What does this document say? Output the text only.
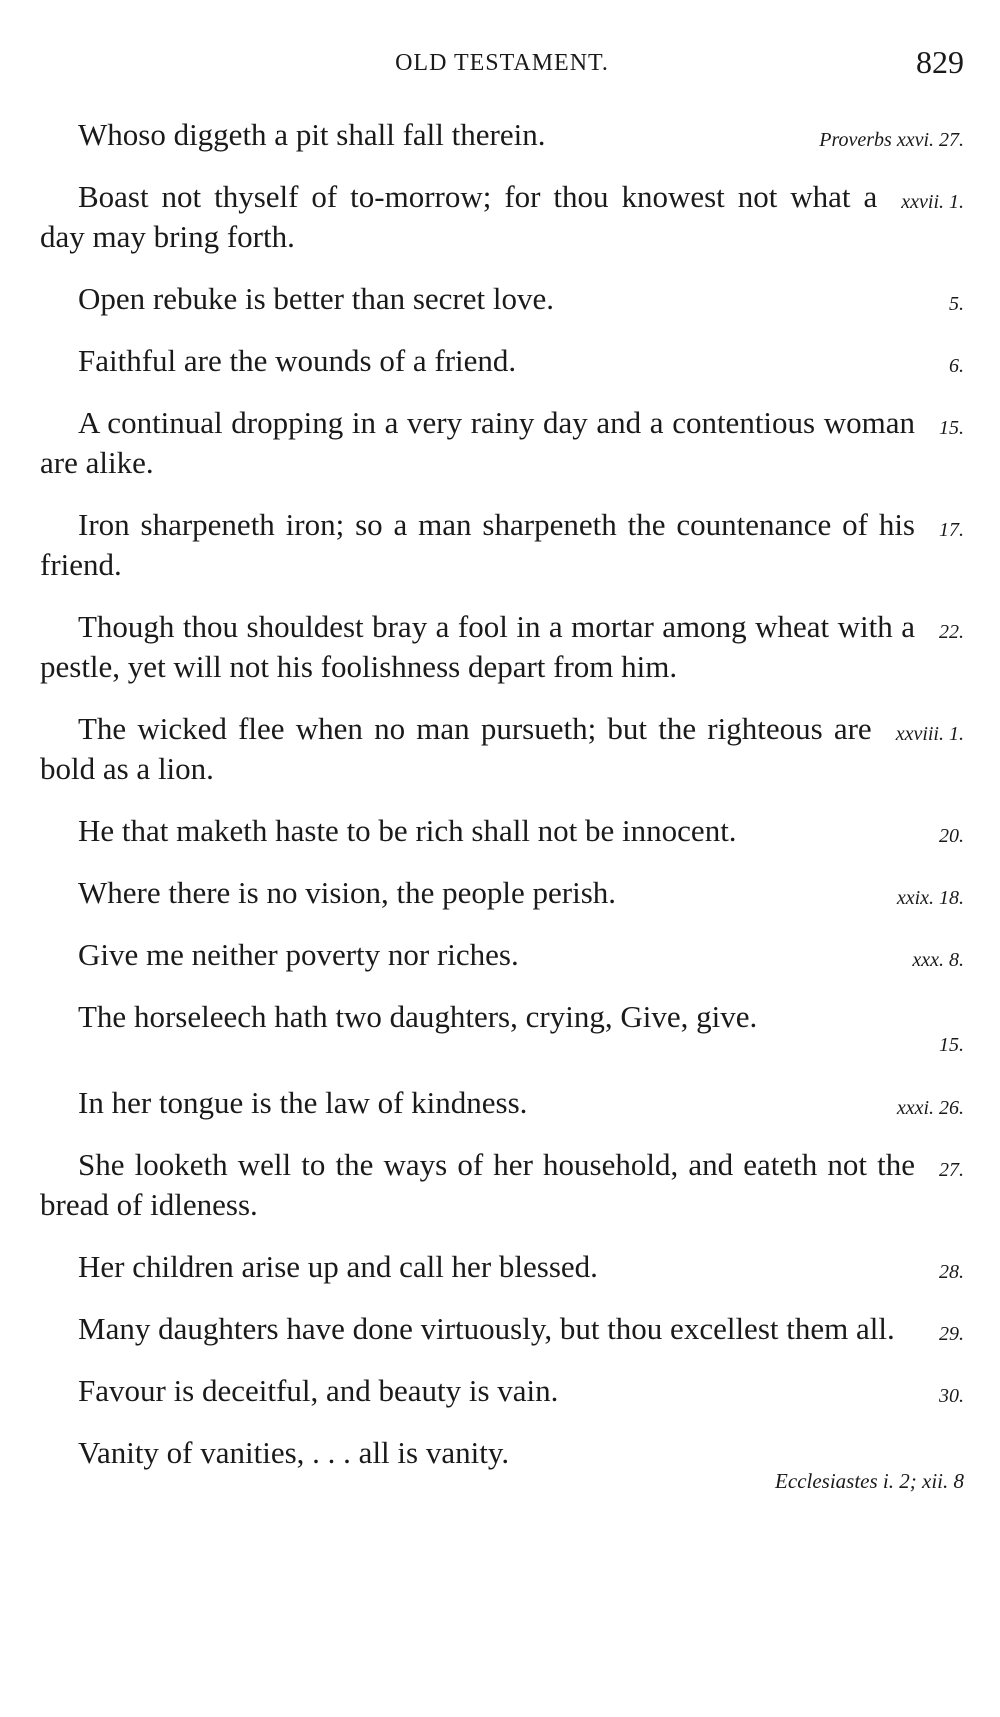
OLD TESTAMENT.	829

Proverbs xxvi. 27.
Whoso diggeth a pit shall fall therein.

xxvii. 1.
Boast not thyself of to-morrow; for thou knowest not what a day may bring forth.

5.
Open rebuke is better than secret love.

6.
Faithful are the wounds of a friend.

15.
A continual dropping in a very rainy day and a contentious woman are alike.

17.
Iron sharpeneth iron; so a man sharpeneth the countenance of his friend.

22.
Though thou shouldest bray a fool in a mortar among wheat with a pestle, yet will not his foolishness depart from him.

xxviii. 1.
The wicked flee when no man pursueth; but the righteous are bold as a lion.

20.
He that maketh haste to be rich shall not be innocent.

xxix. 18.
Where there is no vision, the people perish.

xxx. 8.
Give me neither poverty nor riches.

The horseleech hath two daughters, crying, Give, give.
15.

xxxi. 26.
In her tongue is the law of kindness.

27.
She looketh well to the ways of her household, and eateth not the bread of idleness.

28.
Her children arise up and call her blessed.

29.
Many daughters have done virtuously, but thou excellest them all.

30.
Favour is deceitful, and beauty is vain.

Vanity of vanities, . . . all is vanity.
Ecclesiastes i. 2; xii. 8
